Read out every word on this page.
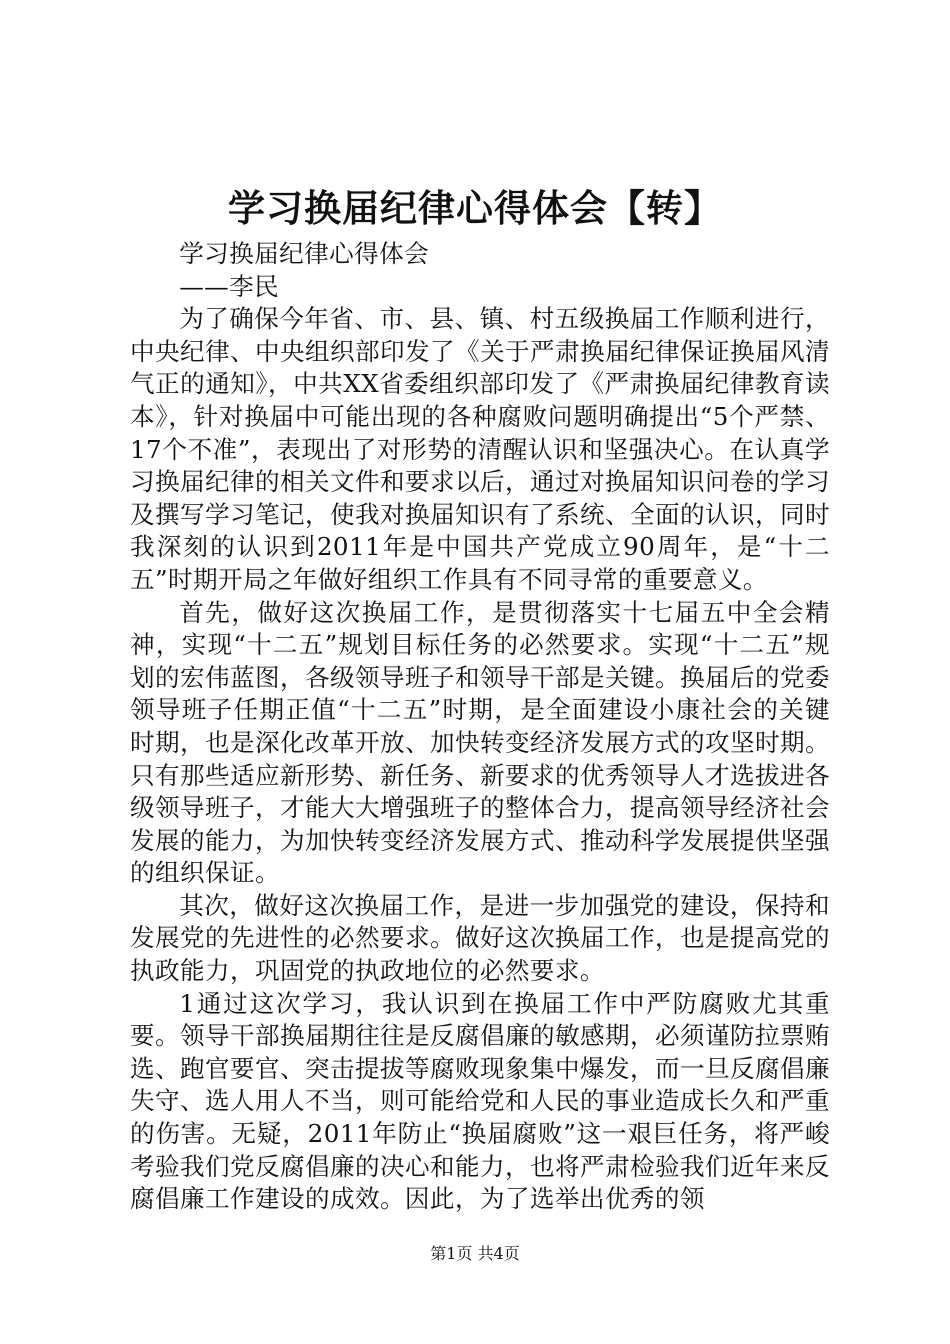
学习换届纪律心得体会【转】

学习换届纪律心得体会

——李民

为了确保今年省、市、县、镇、村五级换届工作顺利进行，中央纪律、中央组织部印发了《关于严肃换届纪律保证换届风清气正的通知》，中共XX省委组织部印发了《严肃换届纪律教育读本》，针对换届中可能出现的各种腐败问题明确提出“5个严禁、17个不准”，表现出了对形势的清醒认识和坚强决心。在认真学习换届纪律的相关文件和要求以后，通过对换届知识问卷的学习及撰写学习笔记，使我对换届知识有了系统、全面的认识，同时我深刻的认识到2011年是中国共产党成立90周年，是“十二五”时期开局之年做好组织工作具有不同寻常的重要意义。

首先，做好这次换届工作，是贯彻落实十七届五中全会精神，实现“十二五”规划目标任务的必然要求。实现“十二五”规划的宏伟蓝图，各级领导班子和领导干部是关键。换届后的党委领导班子任期正值“十二五”时期，是全面建设小康社会的关键时期，也是深化改革开放、加快转变经济发展方式的攻坚时期。只有那些适应新形势、新任务、新要求的优秀领导人才选拔进各级领导班子，才能大大增强班子的整体合力，提高领导经济社会发展的能力，为加快转变经济发展方式、推动科学发展提供坚强的组织保证。

其次，做好这次换届工作，是进一步加强党的建设，保持和发展党的先进性的必然要求。做好这次换届工作，也是提高党的执政能力，巩固党的执政地位的必然要求。

1通过这次学习，我认识到在换届工作中严防腐败尤其重要。领导干部换届期往往是反腐倡廉的敏感期，必须谨防拉票贿选、跑官要官、突击提拔等腐败现象集中爆发，而一旦反腐倡廉失守、选人用人不当，则可能给党和人民的事业造成长久和严重的伤害。无疑，2011年防止“换届腐败”这一艰巨任务，将严峻考验我们党反腐倡廉的决心和能力，也将严肃检验我们近年来反腐倡廉工作建设的成效。因此，为了选举出优秀的领

第1页 共4页
